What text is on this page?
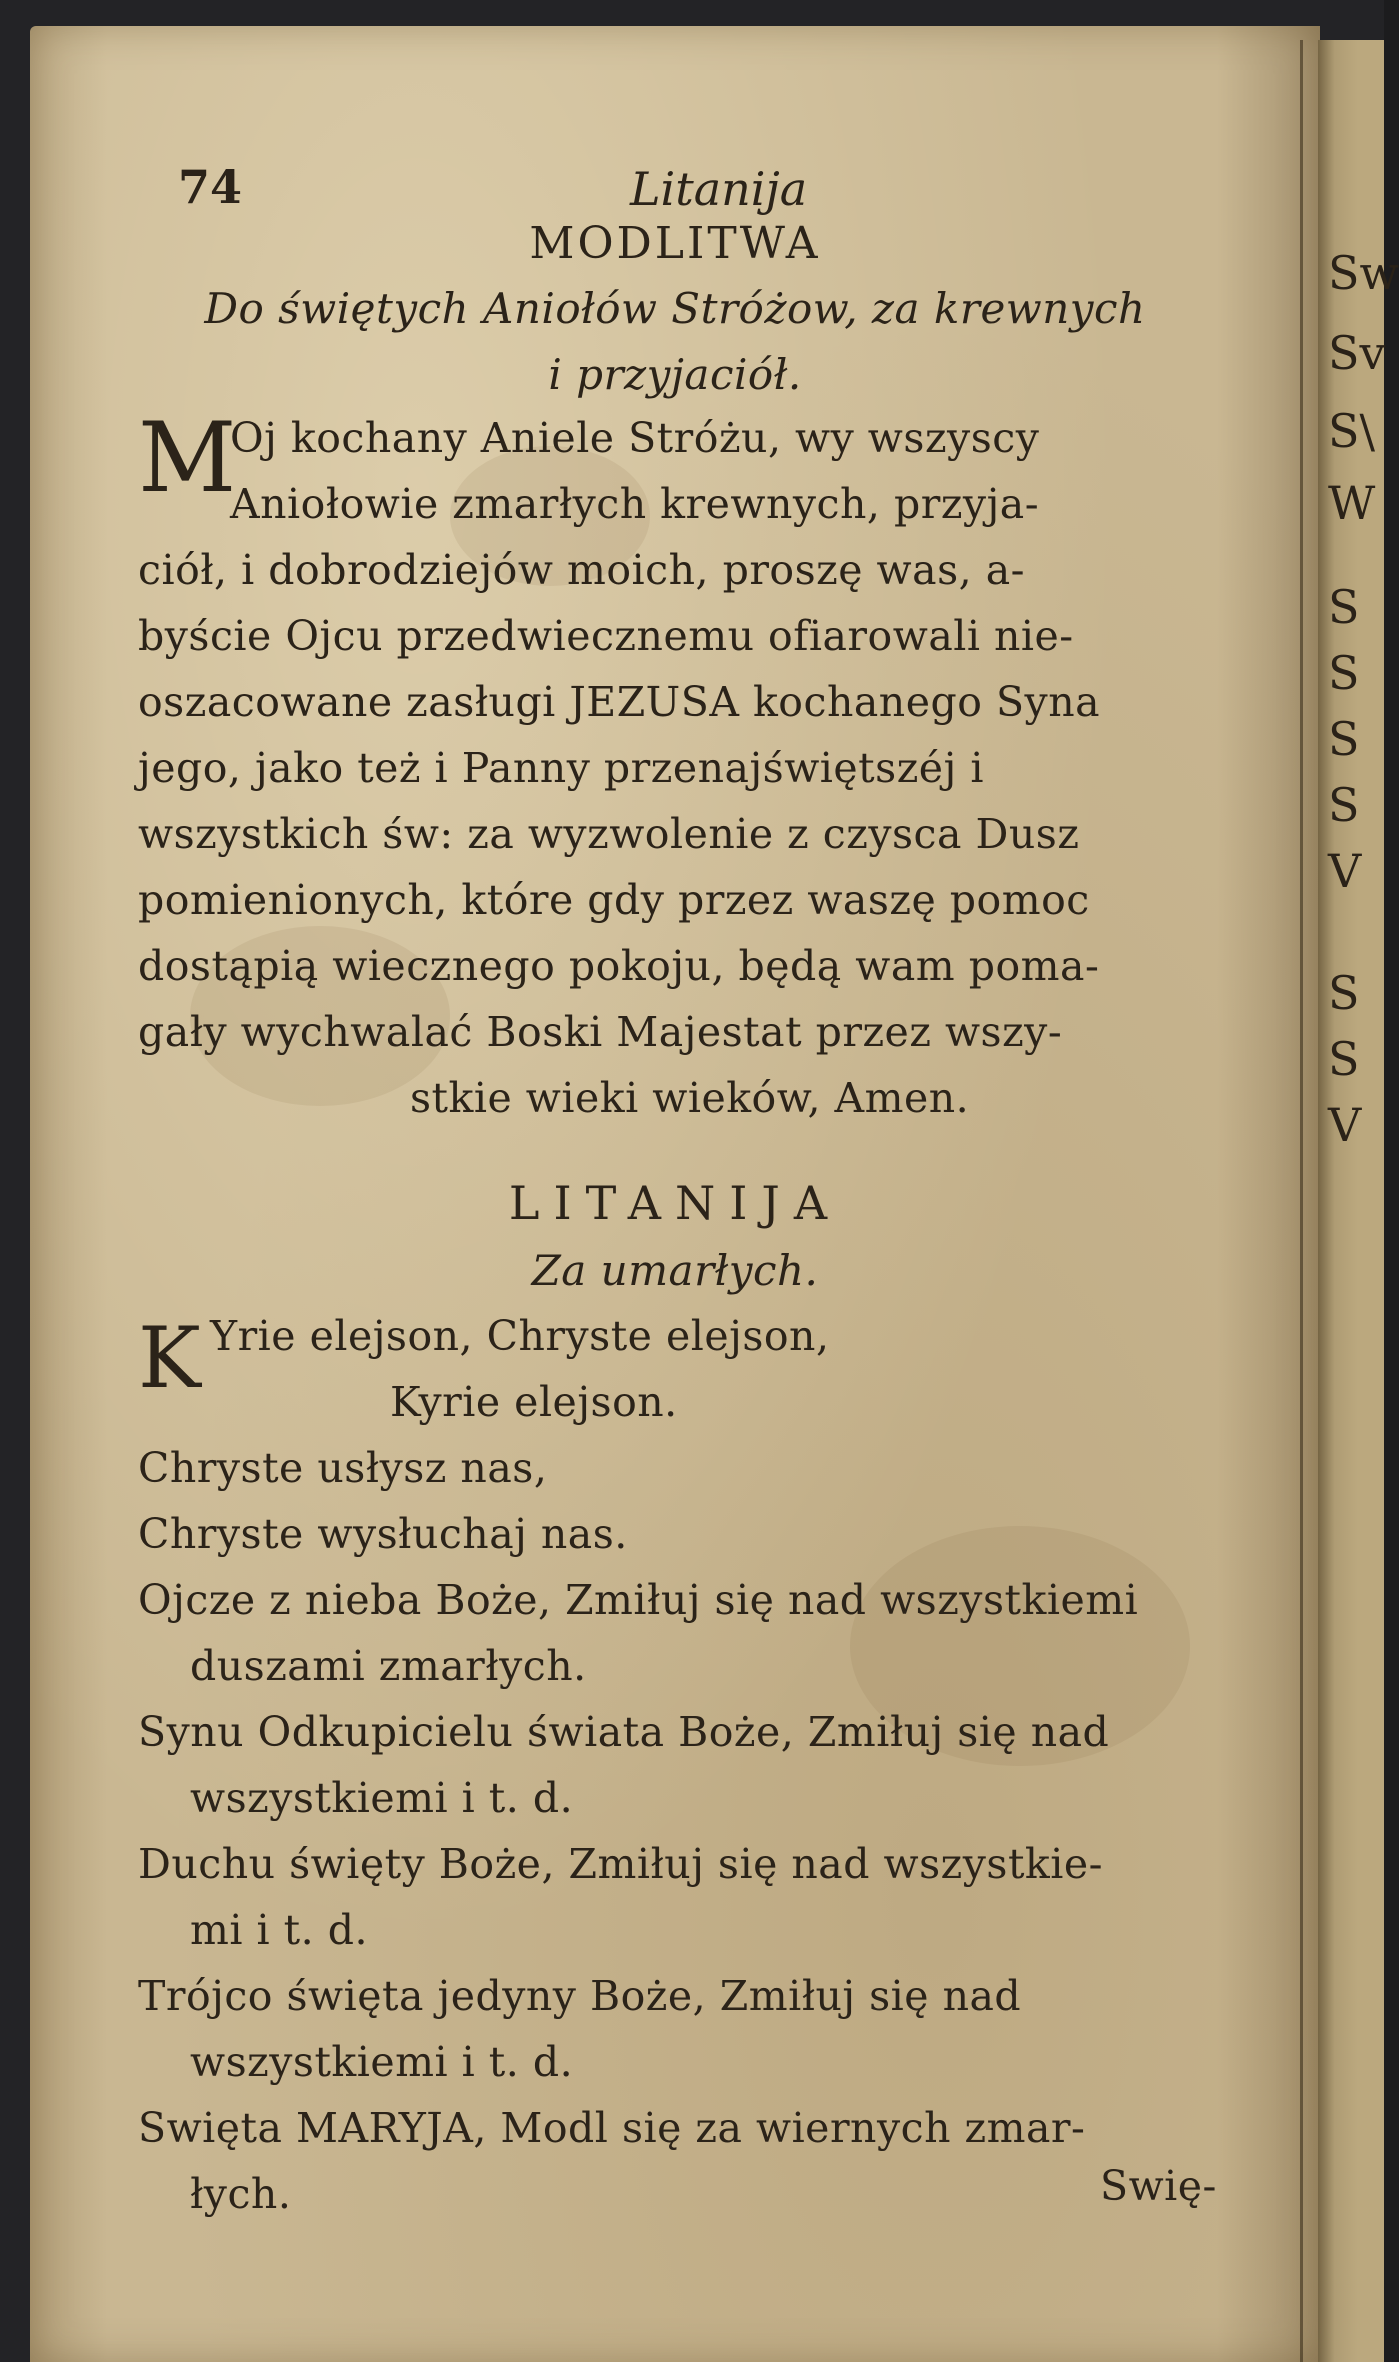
74	Litanija
MODLITWA
Do świętych Aniołów Stróżow, za krewnych
i przyjaciół.
M
Oj kochany Aniele Stróżu, wy wszyscy
Aniołowie zmarłych krewnych, przyja-
ciół, i dobrodziejów moich, proszę was, a-
byście Ojcu przedwiecznemu ofiarowali nie-
oszacowane zasługi JEZUSA kochanego Syna
jego, jako też i Panny przenajświętszéj i
wszystkich św: za wyzwolenie z czysca Dusz
pomienionych, które gdy przez waszę pomoc
dostąpią wiecznego pokoju, będą wam poma-
gały wychwalać Boski Majestat przez wszy-
stkie wieki wieków, Amen.
LITANIJA
Za umarłych.
K Yrie elejson, Chryste elejson,
Kyrie elejson.
Chryste usłysz nas,
Chryste wysłuchaj nas.
Ojcze z nieba Boże, Zmiłuj się nad wszystkiemi
duszami zmarłych.
Synu Odkupicielu świata Boże, Zmiłuj się nad
wszystkiemi i t. d.
Duchu święty Boże, Zmiłuj się nad wszystkie-
mi i t. d.
Trójco święta jedyny Boże, Zmiłuj się nad
wszystkiemi i t. d.
Swięta MARYJA, Modl się za wiernych zmar-
łych.	Swię-
Sw
Sv
S\
W
S
S
S
S
V
S
S
V
